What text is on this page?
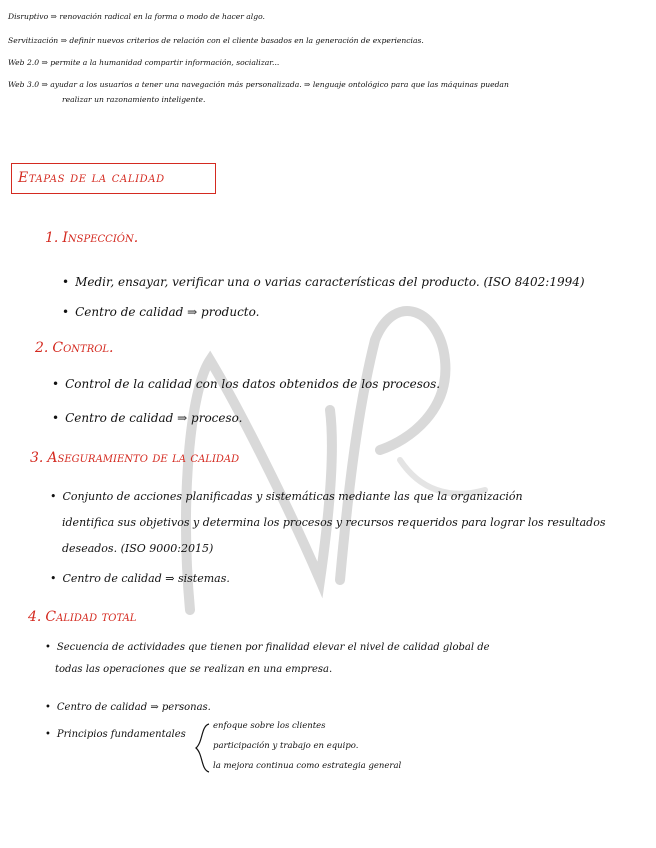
Disruptivo ⇒ renovación radical en la forma o modo de hacer algo.
Servitización ⇒ definir nuevos criterios de relación con el cliente basados en la generación de experiencias.
Web 2.0 ⇒ permite a la humanidad compartir información, socializar...
Web 3.0 ⇒ ayudar a los usuarios a tener una navegación más personalizada. ⇒ lenguaje ontológico para que las máquinas puedan
realizar un razonamiento inteligente.
Etapas de la calidad
1. Inspección.
• Medir, ensayar, verificar una o varias características del producto. (ISO 8402:1994)
• Centro de calidad ⇒ producto.
2. Control.
• Control de la calidad con los datos obtenidos de los procesos.
• Centro de calidad ⇒ proceso.
3. Aseguramiento de la calidad
• Conjunto de acciones planificadas y sistemáticas mediante las que la organización
identifica sus objetivos y determina los procesos y recursos requeridos para lograr los resultados
deseados. (ISO 9000:2015)
• Centro de calidad ⇒ sistemas.
4. Calidad total
• Secuencia de actividades que tienen por finalidad elevar el nivel de calidad global de
todas las operaciones que se realizan en una empresa.
• Centro de calidad ⇒ personas.
• Principios fundamentales
enfoque sobre los clientes
participación y trabajo en equipo.
la mejora continua como estrategia general
